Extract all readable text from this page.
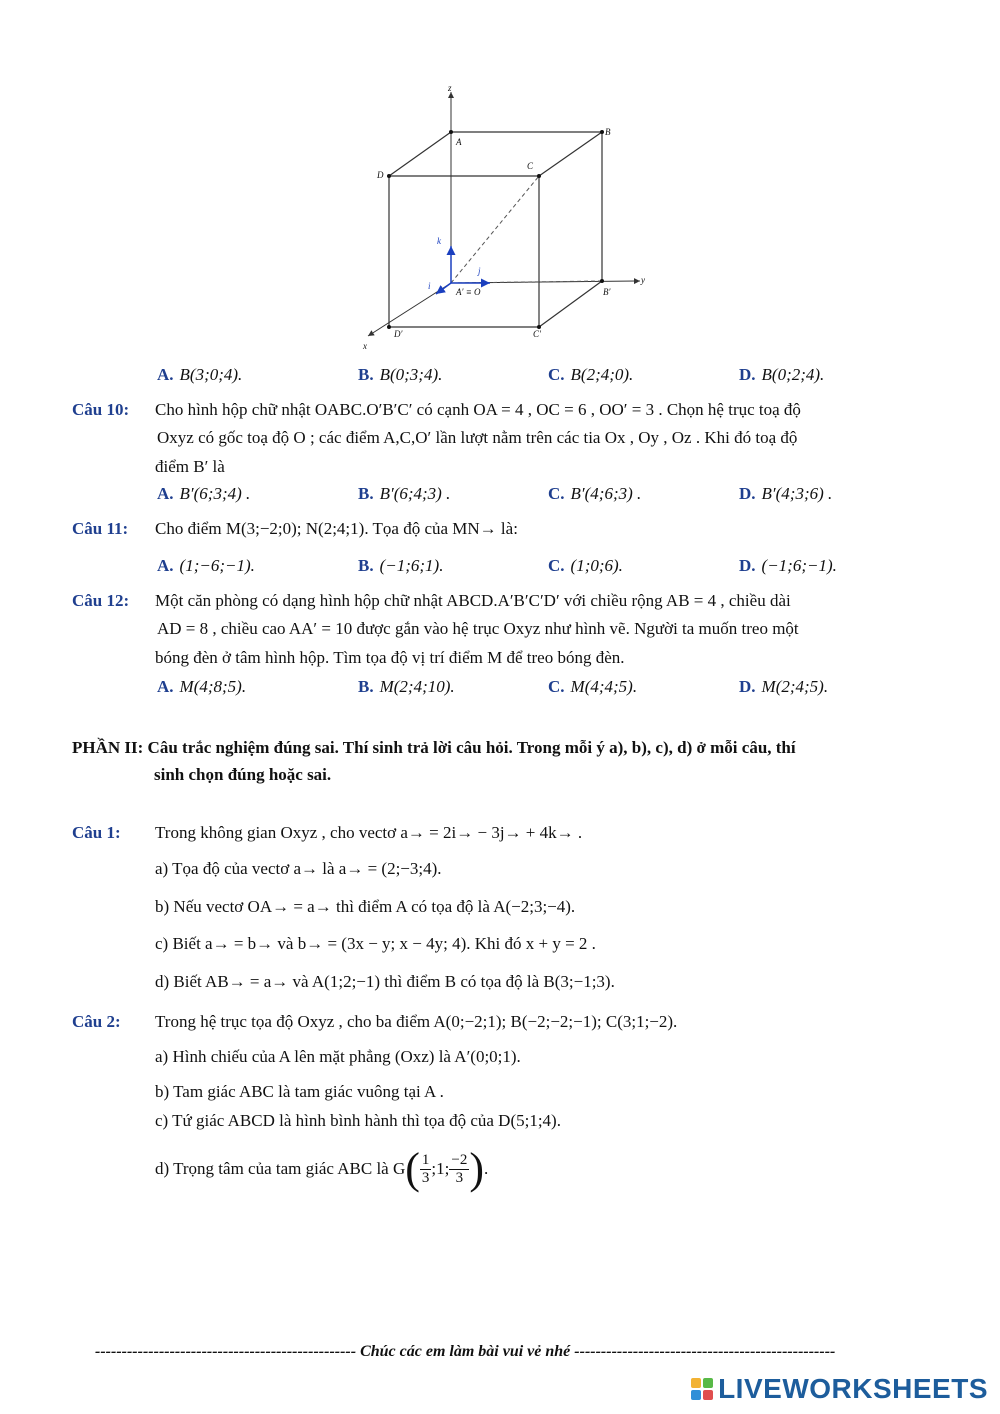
z
A
B
C
D
k
j
i
A′ ≡ O	B′
C′
D′
y
x
A. B(3;0;4).	B. B(0;3;4).	C. B(2;4;0).	D. B(0;2;4).
Câu 10: Cho hình hộp chữ nhật OABC.O′B′C′ có cạnh OA = 4 , OC = 6 , OO′ = 3 . Chọn hệ trục toạ độ
Oxyz có gốc toạ độ O ; các điểm A,C,O′ lần lượt nằm trên các tia Ox , Oy , Oz . Khi đó toạ độ
điểm B′ là
A. B′(6;3;4) .	B. B′(6;4;3) .	C. B′(4;6;3) .	D. B′(4;3;6) .
Câu 11: Cho điểm M(3;−2;0); N(2;4;1). Tọa độ của MN→ là:
A. (1;−6;−1).	B. (−1;6;1).	C. (1;0;6).	D. (−1;6;−1).
Câu 12: Một căn phòng có dạng hình hộp chữ nhật ABCD.A′B′C′D′ với chiều rộng AB = 4 , chiều dài
AD = 8 , chiều cao AA′ = 10 được gắn vào hệ trục Oxyz như hình vẽ. Người ta muốn treo một
bóng đèn ở tâm hình hộp. Tìm tọa độ vị trí điểm M để treo bóng đèn.
A. M(4;8;5).	B. M(2;4;10).	C. M(4;4;5).	D. M(2;4;5).
PHẦN II: Câu trắc nghiệm đúng sai. Thí sinh trả lời câu hỏi. Trong mỗi ý a), b), c), d) ở mỗi câu, thí
sinh chọn đúng hoặc sai.
Câu 1: Trong không gian Oxyz , cho vectơ a→ = 2i→ − 3j→ + 4k→ .
a) Tọa độ của vectơ a→ là a→ = (2;−3;4).
b) Nếu vectơ OA→ = a→ thì điểm A có tọa độ là A(−2;3;−4).
c) Biết a→ = b→ và b→ = (3x − y; x − 4y; 4). Khi đó x + y = 2 .
d) Biết AB→ = a→ và A(1;2;−1) thì điểm B có tọa độ là B(3;−1;3).
Câu 2: Trong hệ trục tọa độ Oxyz , cho ba điểm A(0;−2;1); B(−2;−2;−1); C(3;1;−2).
a) Hình chiếu của A lên mặt phẳng (Oxz) là A′(0;0;1).
b) Tam giác ABC là tam giác vuông tại A .
c) Tứ giác ABCD là hình bình hành thì tọa độ của D(5;1;4).
d) Trọng tâm của tam giác ABC là G ( $\frac{1}{3}$ ;1; $\frac{-2}{3}$ ) .
------------------------------------------------- Chúc các em làm bài vui vẻ nhé -------------------------------------------------
LIVEWORKSHEETS
